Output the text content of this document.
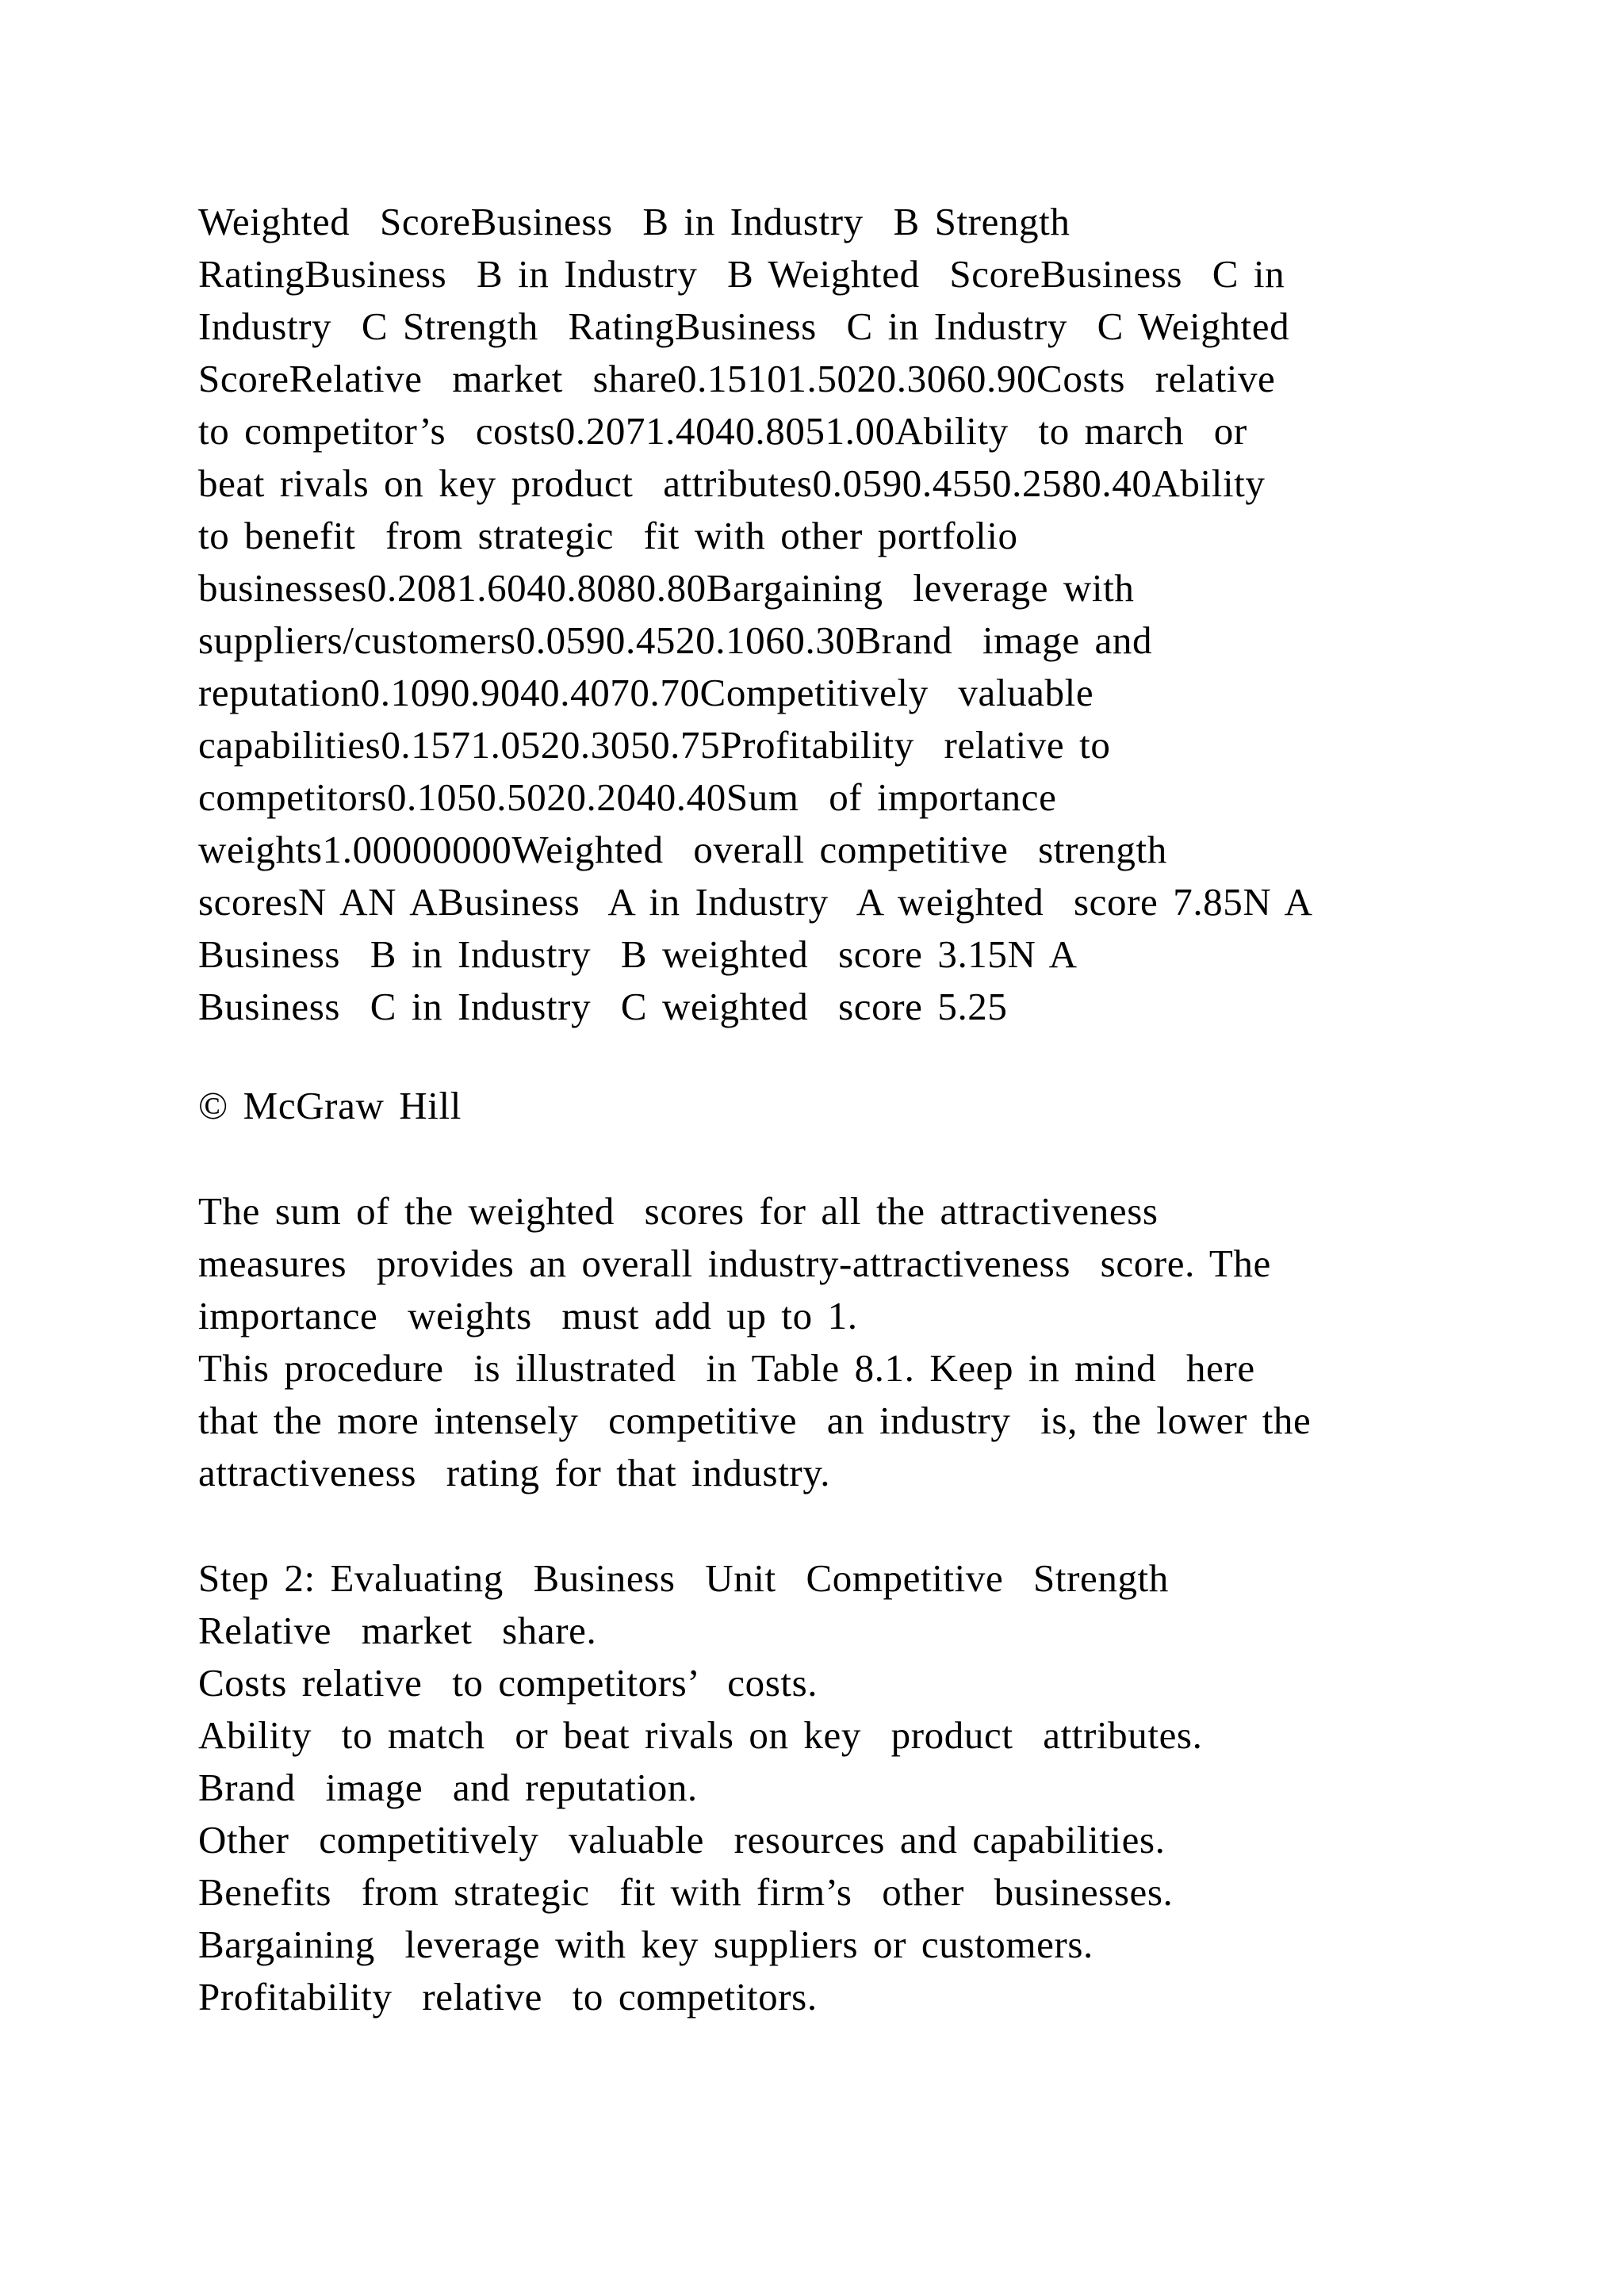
Weighted  ScoreBusiness  B in Industry  B Strength
RatingBusiness  B in Industry  B Weighted  ScoreBusiness  C in
Industry  C Strength  RatingBusiness  C in Industry  C Weighted
ScoreRelative  market  share0.15101.5020.3060.90Costs  relative
to competitor’s  costs0.2071.4040.8051.00Ability  to march  or
beat rivals on key product  attributes0.0590.4550.2580.40Ability
to benefit  from strategic  fit with other portfolio
businesses0.2081.6040.8080.80Bargaining  leverage with
suppliers/customers0.0590.4520.1060.30Brand  image and
reputation0.1090.9040.4070.70Competitively  valuable
capabilities0.1571.0520.3050.75Profitability  relative to
competitors0.1050.5020.2040.40Sum  of importance
weights1.00000000Weighted  overall competitive  strength
scoresN AN ABusiness  A in Industry  A weighted  score 7.85N A
Business  B in Industry  B weighted  score 3.15N A
Business  C in Industry  C weighted  score 5.25
© McGraw Hill
The sum of the weighted  scores for all the attractiveness
measures  provides an overall industry-attractiveness  score. The
importance  weights  must add up to 1.
This procedure  is illustrated  in Table 8.1. Keep in mind  here
that the more intensely  competitive  an industry  is, the lower the
attractiveness  rating for that industry.
Step 2: Evaluating  Business  Unit  Competitive  Strength
Relative  market  share.
Costs relative  to competitors’  costs.
Ability  to match  or beat rivals on key  product  attributes.
Brand  image  and reputation.
Other  competitively  valuable  resources and capabilities.
Benefits  from strategic  fit with firm’s  other  businesses.
Bargaining  leverage with key suppliers or customers.
Profitability  relative  to competitors.
